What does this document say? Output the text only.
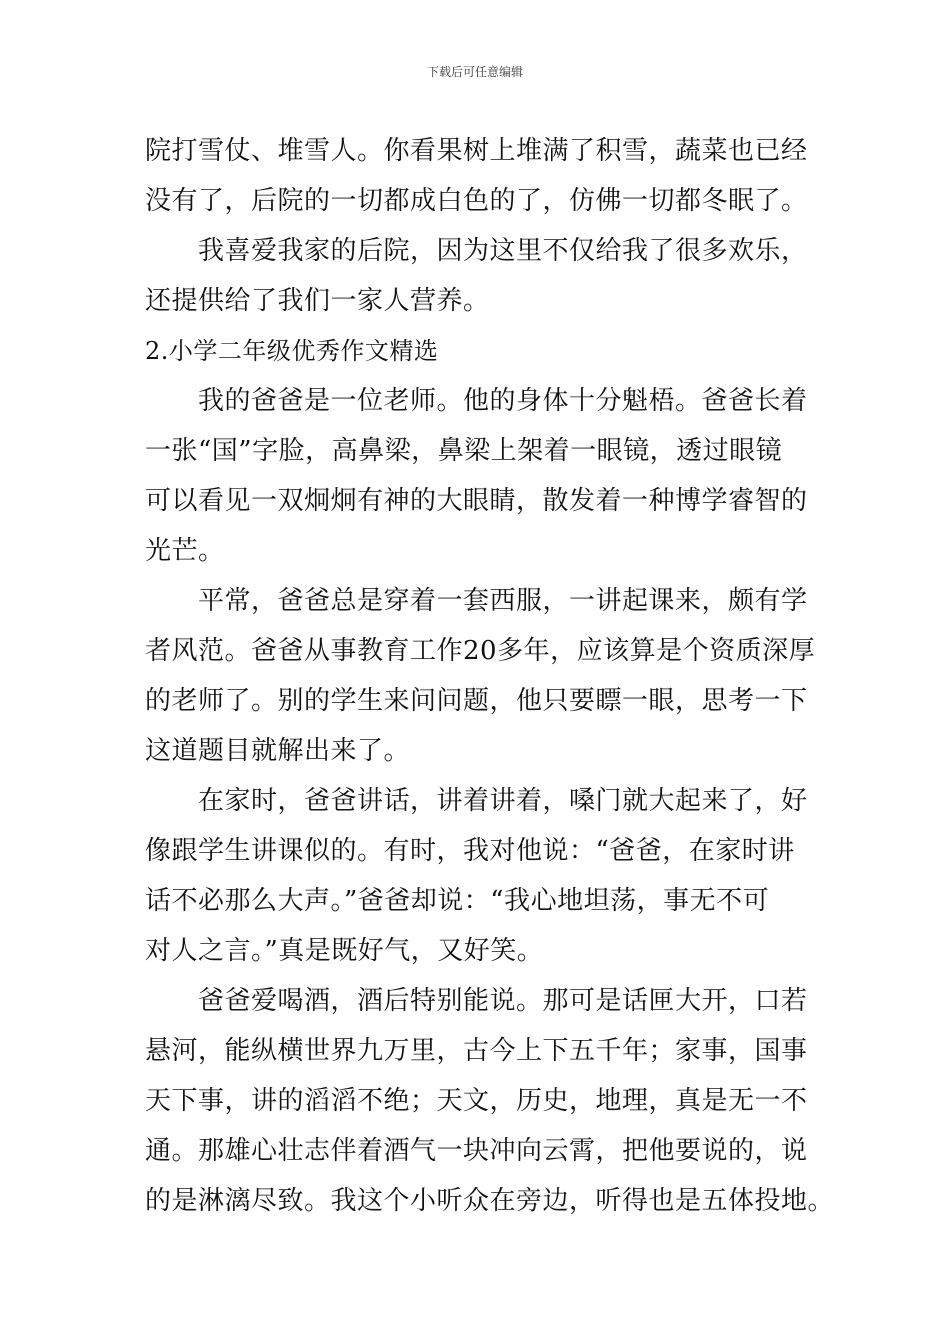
下载后可任意编辑
院打雪仗、堆雪人。你看果树上堆满了积雪，蔬菜也已经
没有了，后院的一切都成白色的了，仿佛一切都冬眠了。
我喜爱我家的后院，因为这里不仅给我了很多欢乐，
还提供给了我们一家人营养。
2.小学二年级优秀作文精选
我的爸爸是一位老师。他的身体十分魁梧。爸爸长着
一张“国”字脸，高鼻梁，鼻梁上架着一眼镜，透过眼镜
可以看见一双炯炯有神的大眼睛，散发着一种博学睿智的
光芒。
平常，爸爸总是穿着一套西服，一讲起课来，颇有学
者风范。爸爸从事教育工作20多年，应该算是个资质深厚
的老师了。别的学生来问问题，他只要瞟一眼，思考一下
这道题目就解出来了。
在家时，爸爸讲话，讲着讲着，嗓门就大起来了，好
像跟学生讲课似的。有时，我对他说：“爸爸，在家时讲
话不必那么大声。”爸爸却说：“我心地坦荡，事无不可
对人之言。”真是既好气，又好笑。
爸爸爱喝酒，酒后特别能说。那可是话匣大开，口若
悬河，能纵横世界九万里，古今上下五千年；家事，国事
天下事，讲的滔滔不绝；天文，历史，地理，真是无一不
通。那雄心壮志伴着酒气一块冲向云霄，把他要说的，说
的是淋漓尽致。我这个小听众在旁边，听得也是五体投地。
